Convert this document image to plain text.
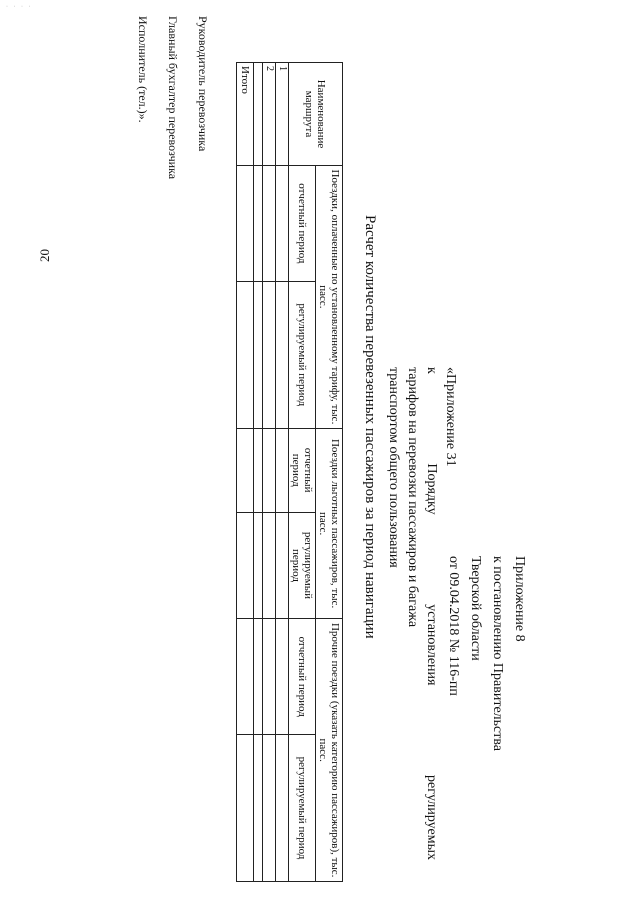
· · · ·
20
Приложение 8
к постановлению Правительства
Тверской области
от 09.04.2018 № 116-пп
«Приложение 31
к
Порядку
установления
регулируемых
тарифов на перевозки пассажиров и багажа
транспортом общего пользования
Расчет количества перевезенных пассажиров за период навигации
Наименование маршрута	Поездки, оплаченные по установленному тарифу, тыс. пасс.		Поездки льготных пассажиров, тыс. пасс.		Прочие поездки (указать категорию пассажиров), тыс. пасс.	
	отчетный период	регулируемый период	отчетный период	регулируемый период	отчетный период	регулируемый период
1						
2						

Итого						
Руководитель перевозчика
Главный бухгалтер перевозчика
Исполнитель (тел.)».
